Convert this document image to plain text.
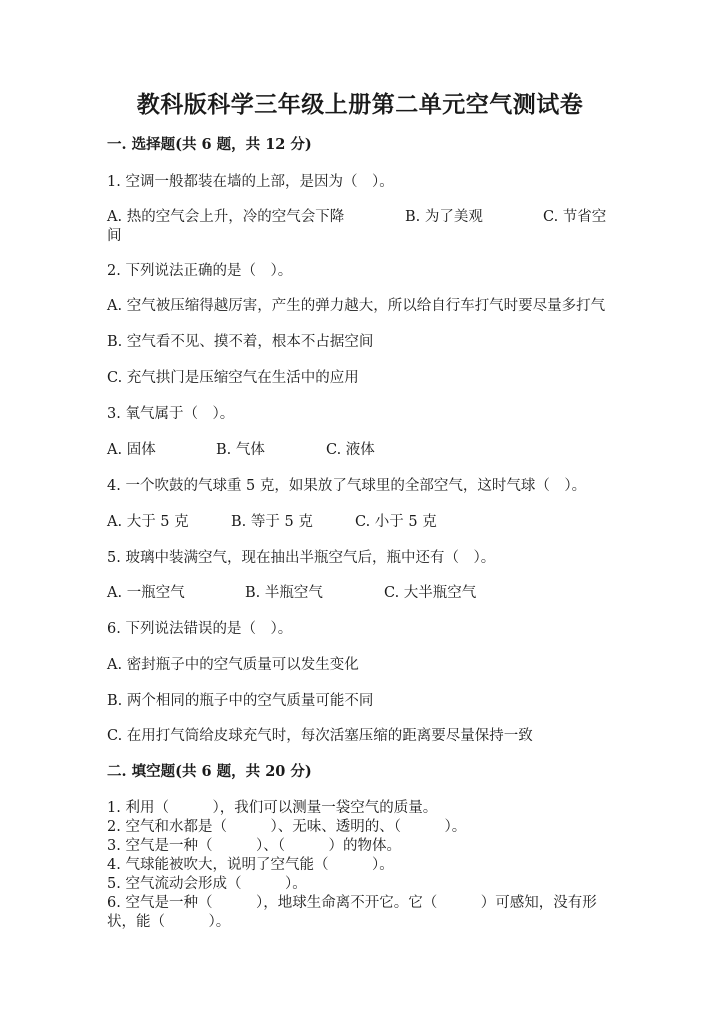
教科版科学三年级上册第二单元空气测试卷
一. 选择题(共 6 题，共 12 分)
1. 空调一般都装在墙的上部，是因为（　）。
A. 热的空气会上升，冷的空气会下降	B. 为了美观	C. 节省空
间
2. 下列说法正确的是（　）。
A. 空气被压缩得越厉害，产生的弹力越大，所以给自行车打气时要尽量多打气
B. 空气看不见、摸不着，根本不占据空间
C. 充气拱门是压缩空气在生活中的应用
3. 氧气属于（　）。
A. 固体	B. 气体	C. 液体
4. 一个吹鼓的气球重 5 克，如果放了气球里的全部空气，这时气球（　）。
A. 大于 5 克	B. 等于 5 克	C. 小于 5 克
5. 玻璃中装满空气，现在抽出半瓶空气后，瓶中还有（　）。
A. 一瓶空气	B. 半瓶空气	C. 大半瓶空气
6. 下列说法错误的是（　）。
A. 密封瓶子中的空气质量可以发生变化
B. 两个相同的瓶子中的空气质量可能不同
C. 在用打气筒给皮球充气时，每次活塞压缩的距离要尽量保持一致
二. 填空题(共 6 题，共 20 分)
1. 利用（　　　），我们可以测量一袋空气的质量。
2. 空气和水都是（　　　）、无味、透明的、（　　　）。
3. 空气是一种（　　　）、（　　　）的物体。
4. 气球能被吹大，说明了空气能（　　　）。
5. 空气流动会形成（　　　）。
6. 空气是一种（　　　），地球生命离不开它。它（　　　）可感知，没有形
状，能（　　　）。
